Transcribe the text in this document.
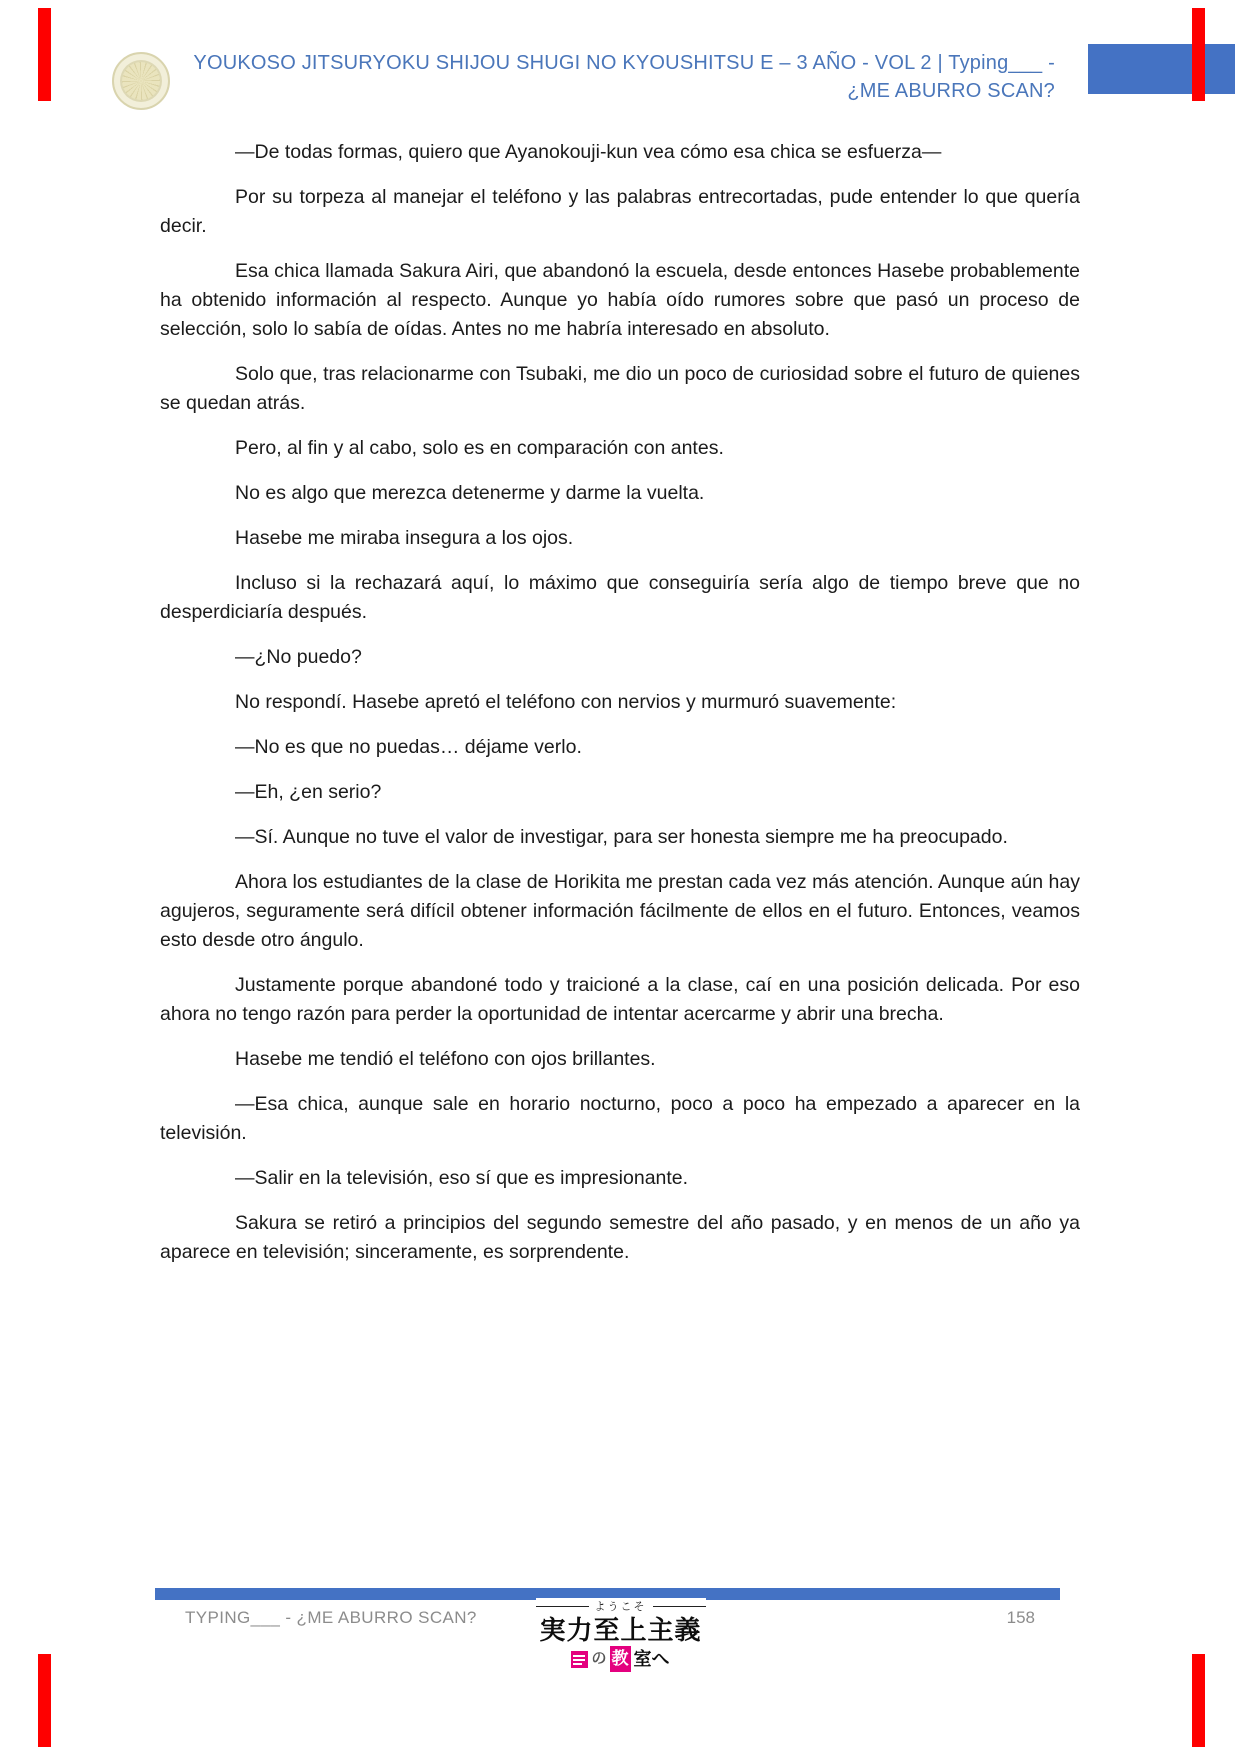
YOUKOSO JITSURYOKU SHIJOU SHUGI NO KYOUSHITSU E – 3 AÑO - VOL 2 | Typing___ - ¿ME ABURRO SCAN?

—De todas formas, quiero que Ayanokouji-kun vea cómo esa chica se esfuerza—

Por su torpeza al manejar el teléfono y las palabras entrecortadas, pude entender lo que quería decir.

Esa chica llamada Sakura Airi, que abandonó la escuela, desde entonces Hasebe probablemente ha obtenido información al respecto. Aunque yo había oído rumores sobre que pasó un proceso de selección, solo lo sabía de oídas. Antes no me habría interesado en absoluto.

Solo que, tras relacionarme con Tsubaki, me dio un poco de curiosidad sobre el futuro de quienes se quedan atrás.

Pero, al fin y al cabo, solo es en comparación con antes.

No es algo que merezca detenerme y darme la vuelta.

Hasebe me miraba insegura a los ojos.

Incluso si la rechazará aquí, lo máximo que conseguiría sería algo de tiempo breve que no desperdiciaría después.

—¿No puedo?

No respondí. Hasebe apretó el teléfono con nervios y murmuró suavemente:

—No es que no puedas… déjame verlo.

—Eh, ¿en serio?

—Sí. Aunque no tuve el valor de investigar, para ser honesta siempre me ha preocupado.

Ahora los estudiantes de la clase de Horikita me prestan cada vez más atención. Aunque aún hay agujeros, seguramente será difícil obtener información fácilmente de ellos en el futuro. Entonces, veamos esto desde otro ángulo.

Justamente porque abandoné todo y traicioné a la clase, caí en una posición delicada. Por eso ahora no tengo razón para perder la oportunidad de intentar acercarme y abrir una brecha.

Hasebe me tendió el teléfono con ojos brillantes.

—Esa chica, aunque sale en horario nocturno, poco a poco ha empezado a aparecer en la televisión.

—Salir en la televisión, eso sí que es impresionante.

Sakura se retiró a principios del segundo semestre del año pasado, y en menos de un año ya aparece en televisión; sinceramente, es sorprendente.

TYPING___ - ¿ME ABURRO SCAN?	158
ようこそ
実力至上主義
の 教 室へ
